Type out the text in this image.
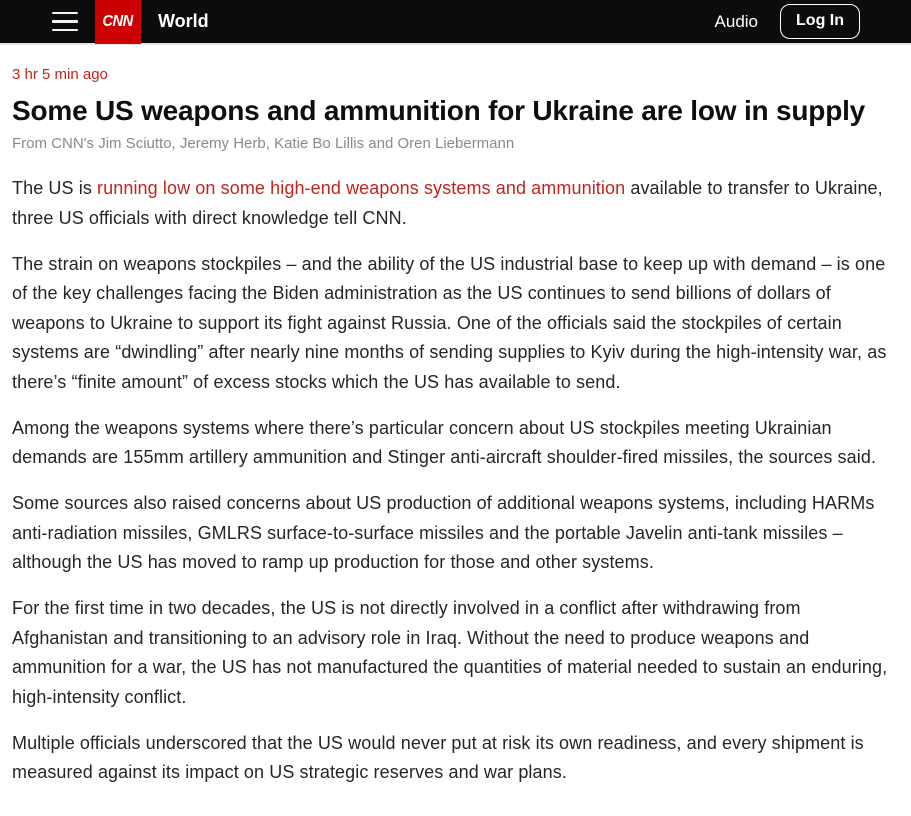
CNN World	Audio	Log In
3 hr 5 min ago
Some US weapons and ammunition for Ukraine are low in supply
From CNN's Jim Sciutto, Jeremy Herb, Katie Bo Lillis and Oren Liebermann

The US is running low on some high-end weapons systems and ammunition available to transfer to Ukraine, three US officials with direct knowledge tell CNN.

The strain on weapons stockpiles – and the ability of the US industrial base to keep up with demand – is one of the key challenges facing the Biden administration as the US continues to send billions of dollars of weapons to Ukraine to support its fight against Russia. One of the officials said the stockpiles of certain systems are “dwindling” after nearly nine months of sending supplies to Kyiv during the high-intensity war, as there’s “finite amount” of excess stocks which the US has available to send.

Among the weapons systems where there’s particular concern about US stockpiles meeting Ukrainian demands are 155mm artillery ammunition and Stinger anti-aircraft shoulder-fired missiles, the sources said.

Some sources also raised concerns about US production of additional weapons systems, including HARMs anti-radiation missiles, GMLRS surface-to-surface missiles and the portable Javelin anti-tank missiles – although the US has moved to ramp up production for those and other systems.

For the first time in two decades, the US is not directly involved in a conflict after withdrawing from Afghanistan and transitioning to an advisory role in Iraq. Without the need to produce weapons and ammunition for a war, the US has not manufactured the quantities of material needed to sustain an enduring, high-intensity conflict.

Multiple officials underscored that the US would never put at risk its own readiness, and every shipment is measured against its impact on US strategic reserves and war plans.
